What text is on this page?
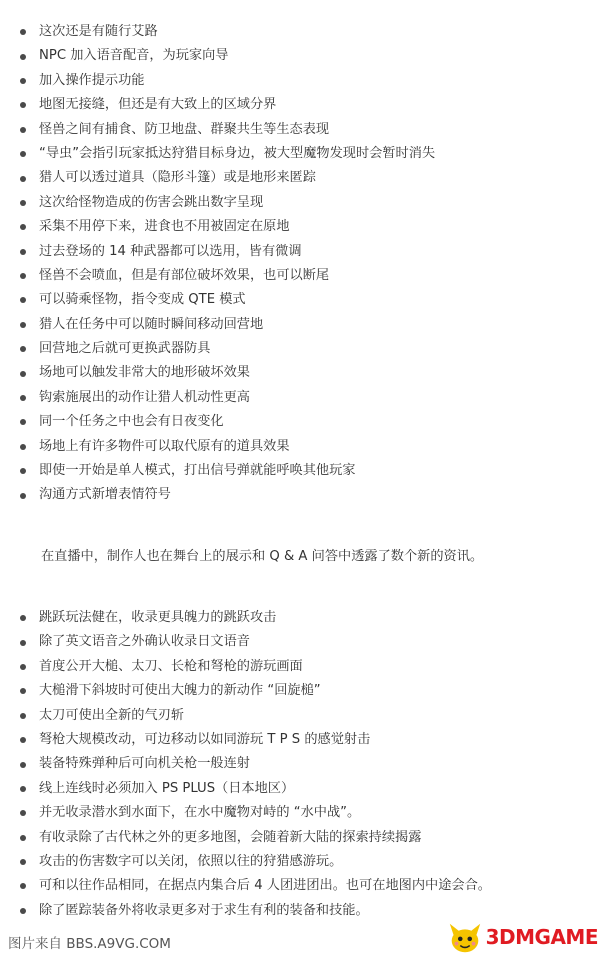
这次还是有随行艾路
NPC 加入语音配音，为玩家向导
加入操作提示功能
地图无接缝，但还是有大致上的区域分界
怪兽之间有捕食、防卫地盘、群聚共生等生态表现
“导虫”会指引玩家抵达狩猎目标身边，被大型魔物发现时会暂时消失
猎人可以透过道具（隐形斗篷）或是地形来匿踪
这次给怪物造成的伤害会跳出数字呈现
采集不用停下来，进食也不用被固定在原地
过去登场的 14 种武器都可以选用，皆有微调
怪兽不会喷血，但是有部位破坏效果，也可以断尾
可以骑乘怪物，指令变成 QTE 模式
猎人在任务中可以随时瞬间移动回营地
回营地之后就可更换武器防具
场地可以触发非常大的地形破坏效果
钩索施展出的动作让猎人机动性更高
同一个任务之中也会有日夜变化
场地上有许多物件可以取代原有的道具效果
即使一开始是单人模式，打出信号弹就能呼唤其他玩家
沟通方式新增表情符号
在直播中，制作人也在舞台上的展示和 Q & A 问答中透露了数个新的资讯。
跳跃玩法健在，收录更具魄力的跳跃攻击
除了英文语音之外确认收录日文语音
首度公开大槌、太刀、长枪和弩枪的游玩画面
大槌滑下斜坡时可使出大魄力的新动作 “回旋槌”
太刀可使出全新的气刃斩
弩枪大规模改动，可边移动以如同游玩 T P S 的感觉射击
装备特殊弹种后可向机关枪一般连射
线上连线时必须加入 PS PLUS（日本地区）
并无收录潜水到水面下，在水中魔物对峙的 “水中战”。
有收录除了古代林之外的更多地图，会随着新大陆的探索持续揭露
攻击的伤害数字可以关闭，依照以往的狩猎感游玩。
可和以往作品相同，在据点内集合后 4 人团进团出。也可在地图内中途会合。
除了匿踪装备外将收录更多对于求生有利的装备和技能。
图片来自 BBS.A9VG.COM	3DMGAME
